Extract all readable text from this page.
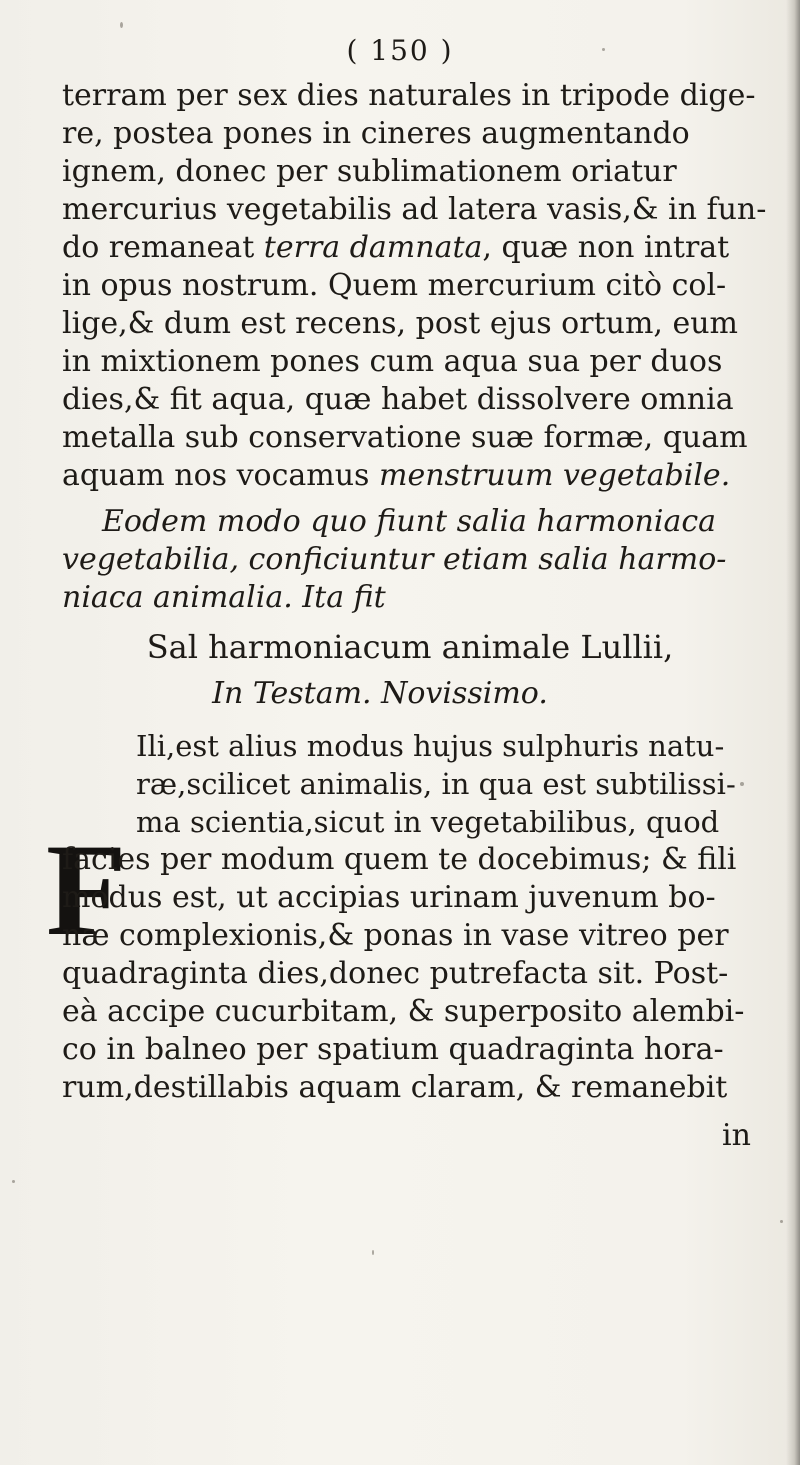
( 150 )
terram per sex dies naturales in tripode dige-
re, postea pones in cineres augmentando
ignem, donec per sublimationem oriatur
mercurius vegetabilis ad latera vasis,& in fun-
do remaneat terra damnata, quæ non intrat
in opus nostrum. Quem mercurium citò col-
lige,& dum est recens, post ejus ortum, eum
in mixtionem pones cum aqua sua per duos
dies,& fit aqua, quæ habet dissolvere omnia
metalla sub conservatione suæ formæ, quam
aquam nos vocamus menstruum vegetabile.
Eodem modo quo fiunt salia harmoniaca
vegetabilia, conficiuntur etiam salia harmo-
niaca animalia. Ita fit
Sal harmoniacum animale Lullii,
In Testam. Novissimo.
F
Ili,est alius modus hujus sulphuris natu-
ræ,scilicet animalis, in qua est subtilissi-
ma scientia,sicut in vegetabilibus, quod
facies per modum quem te docebimus; & fili
modus est, ut accipias urinam juvenum bo-
næ complexionis,& ponas in vase vitreo per
quadraginta dies,donec putrefacta sit. Post-
eà accipe cucurbitam, & superposito alembi-
co in balneo per spatium quadraginta hora-
rum,destillabis aquam claram, & remanebit
in
